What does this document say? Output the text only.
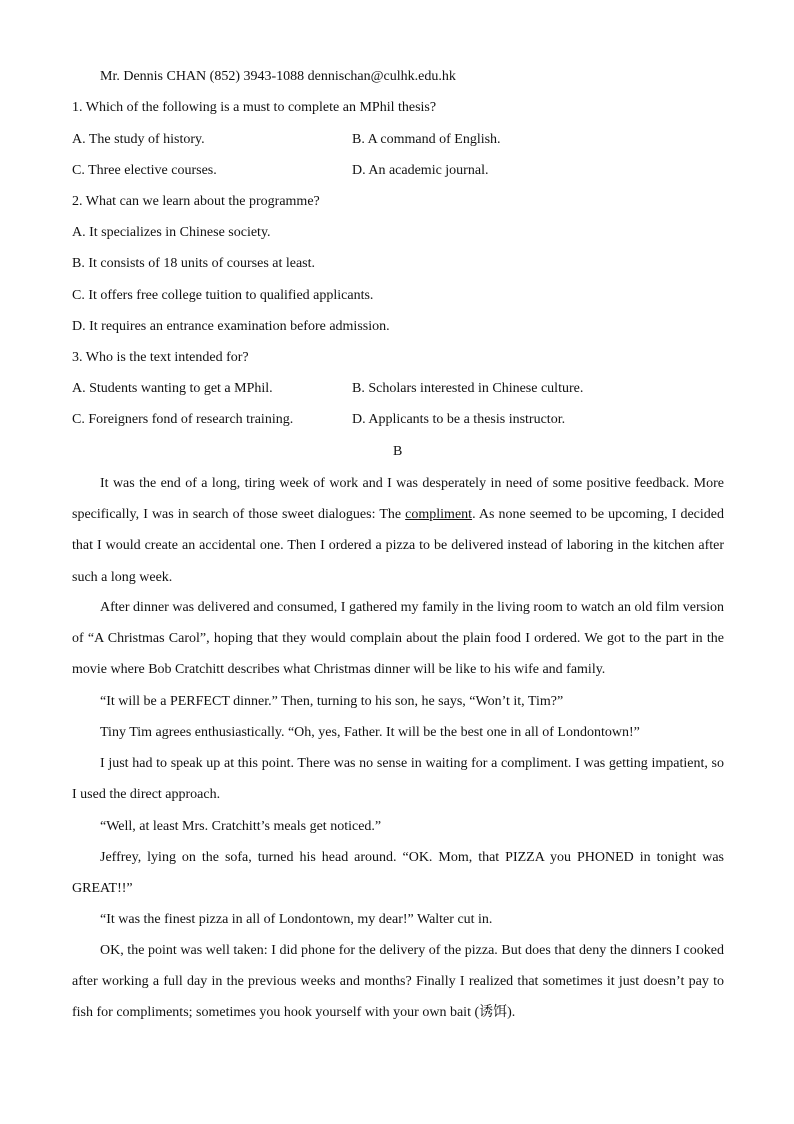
Mr. Dennis CHAN (852) 3943-1088 dennischan@culhk.edu.hk
1. Which of the following is a must to complete an MPhil thesis?
A. The study of history.	B. A command of English.
C. Three elective courses.	D. An academic journal.
2. What can we learn about the programme?
A. It specializes in Chinese society.
B. It consists of 18 units of courses at least.
C. It offers free college tuition to qualified applicants.
D. It requires an entrance examination before admission.
3. Who is the text intended for?
A. Students wanting to get a MPhil.	B. Scholars interested in Chinese culture.
C. Foreigners fond of research training.	D. Applicants to be a thesis instructor.
B
It was the end of a long, tiring week of work and I was desperately in need of some positive feedback. More specifically, I was in search of those sweet dialogues: The compliment. As none seemed to be upcoming, I decided that I would create an accidental one. Then I ordered a pizza to be delivered instead of laboring in the kitchen after such a long week.
After dinner was delivered and consumed, I gathered my family in the living room to watch an old film version of “A Christmas Carol”, hoping that they would complain about the plain food I ordered. We got to the part in the movie where Bob Cratchitt describes what Christmas dinner will be like to his wife and family.
“It will be a PERFECT dinner.” Then, turning to his son, he says, “Won’t it, Tim?”
Tiny Tim agrees enthusiastically. “Oh, yes, Father. It will be the best one in all of Londontown!”
I just had to speak up at this point. There was no sense in waiting for a compliment. I was getting impatient, so I used the direct approach.
“Well, at least Mrs. Cratchitt’s meals get noticed.”
Jeffrey, lying on the sofa, turned his head around. “OK. Mom, that PIZZA you PHONED in tonight was GREAT!!”
“It was the finest pizza in all of Londontown, my dear!” Walter cut in.
OK, the point was well taken: I did phone for the delivery of the pizza. But does that deny the dinners I cooked after working a full day in the previous weeks and months? Finally I realized that sometimes it just doesn’t pay to fish for compliments; sometimes you hook yourself with your own bait (诱饵).
